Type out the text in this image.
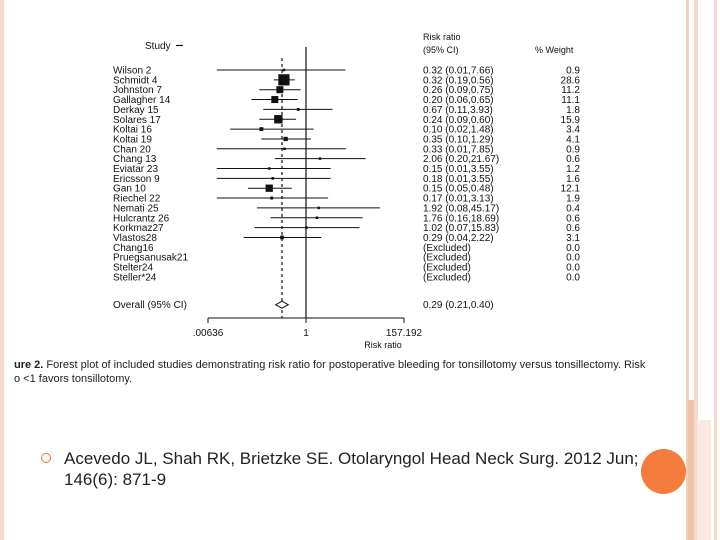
Study
Risk ratio
(95% CI)	% Weight
.00636	1	157.192
Risk ratio
Wilson 2	0.32 (0.01,7.66)	0.9
Schmidt 4	0.32 (0.19,0.56)	28.6
Johnston 7	0.26 (0.09,0.75)	11.2
Gallagher 14	0.20 (0.06,0.65)	11.1
Derkay 15	0.67 (0.11,3.93)	1.8
Solares 17	0.24 (0.09,0.60)	15.9
Koltai 16	0.10 (0.02,1.48)	3.4
Koltai 19	0.35 (0.10,1.29)	4.1
Chan 20	0.33 (0.01,7.85)	0.9
Chang 13	2.06 (0.20,21.67)	0.6
Eviatar 23	0.15 (0.01,3.55)	1.2
Ericsson 9	0.18 (0.01,3.55)	1.6
Gan 10	0.15 (0.05,0.48)	12.1
Riechel 22	0.17 (0.01,3.13)	1.9
Nemati 25	1.92 (0.08,45.17)	0.4
Hulcrantz 26	1.76 (0.16,18.69)	0.6
Korkmaz27	1.02 (0.07,15.83)	0.6
Vlastos28	0.29 (0.04,2.22)	3.1
Chang16	(Excluded)	0.0
Pruegsanusak21	(Excluded)	0.0
Stelter24	(Excluded)	0.0
Steller*24	(Excluded)	0.0
Overall (95% CI)	0.29 (0.21,0.40)
ure 2. Forest plot of included studies demonstrating risk ratio for postoperative bleeding for tonsillotomy versus tonsillectomy. Risk
o <1 favors tonsillotomy.
Acevedo JL, Shah RK, Brietzke SE. Otolaryngol Head Neck Surg. 2012 Jun; 146(6): 871-9
